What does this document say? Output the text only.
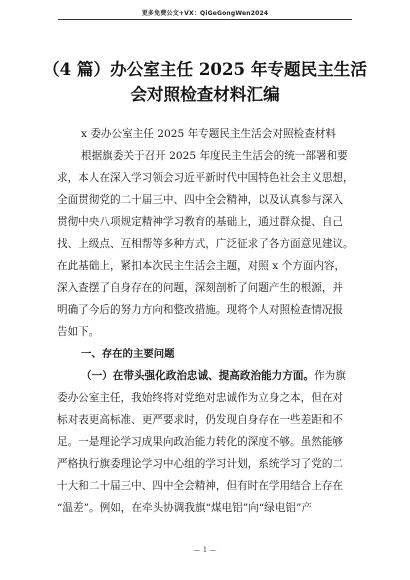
更多免费公文+VX：QiGeGongWen2024
（4 篇）办公室主任 2025 年专题民主生活
会对照检查材料汇编
x 委办公室主任 2025 年专题民主生活会对照检查材料
根据旗委关于召开 2025 年度民主生活会的统一部署和要
求，本人在深入学习领会习近平新时代中国特色社会主义思想，
全面贯彻党的二十届三中、四中全会精神，以及认真参与深入
贯彻中央八项规定精神学习教育的基础上，通过群众提、自己
找、上级点、互相帮等多种方式，广泛征求了各方面意见建议。
在此基础上，紧扣本次民主生活会主题，对照 x 个方面内容，
深入查摆了自身存在的问题，深刻剖析了问题产生的根源，并
明确了今后的努力方向和整改措施。现将个人对照检查情况报
告如下。
一、存在的主要问题
（一）在带头强化政治忠诚、提高政治能力方面。作为旗
委办公室主任，我始终将对党绝对忠诚作为立身之本，但在对
标对表更高标准、更严要求时，仍发现自身存在一些差距和不
足。一是理论学习成果向政治能力转化的深度不够。虽然能够
严格执行旗委理论学习中心组的学习计划，系统学习了党的二
十大和二十届三中、四中全会精神，但有时在学用结合上存在
“温差”。例如，在牵头协调我旗“煤电铝”向“绿电铝”产
— 1 —
